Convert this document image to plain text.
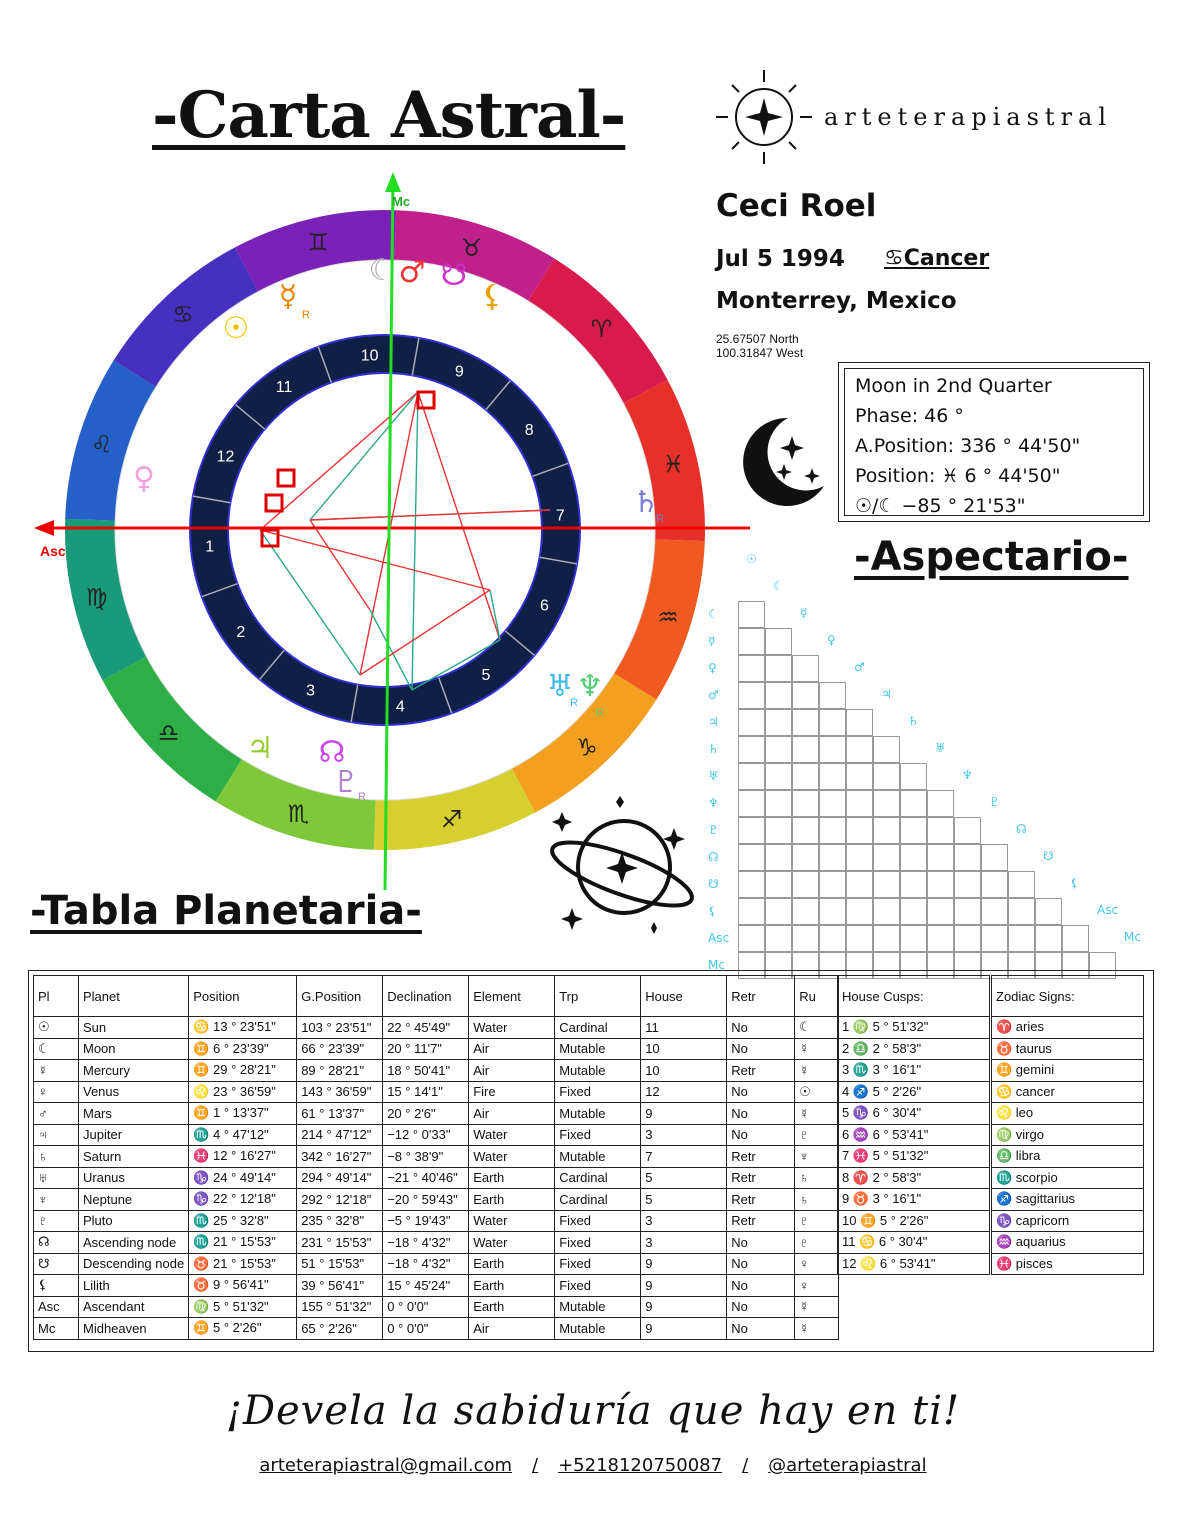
-Carta Astral-	arteterapiastral
Ceci Roel
Jul 5 1994 ♋Cancer
Monterrey, Mexico
25.67507 North
100.31847 West
Moon in 2nd Quarter
Phase: 46 °
A.Position: 336 ° 44'50"
Position: ♓ 6 ° 44'50"
☉/☾ −85 ° 21'53"
Asc
Mc
10
9
8
7
6
5
4
3
2
1
12
11
♊	♉
♈
♓
♒
♑
♐
♏
♎
♍
♌
♋
☾ ♂ ☋
⚸
☿
☉
♀
♄
♅ ♆
♃ ☊
♇
R
R
R
R
R
-Aspectario-
☾
☿
♀
♂
♃
♄
♅
♆
♇
☊
☋
⚸
Asc
Mc
☉
☾
☿
♀
♂
♃
♄
♅
♆
♇
☊
☋
⚸
Asc
Mc
-Tabla Planetaria-
Pl	Planet	Position	G.Position	Declination	Element	Trp	House	Retr	Ru
☉	Sun	♋ 13 ° 23'51"	103 ° 23'51"	22 ° 45'49"	Water	Cardinal	11	No	☾
☾	Moon	♊ 6 ° 23'39"	66 ° 23'39"	20 ° 11'7"	Air	Mutable	10	No	☿
☿	Mercury	♊ 29 ° 28'21"	89 ° 28'21"	18 ° 50'41"	Air	Mutable	10	Retr	☿
♀	Venus	♌ 23 ° 36'59"	143 ° 36'59"	15 ° 14'1"	Fire	Fixed	12	No	☉
♂	Mars	♊ 1 ° 13'37"	61 ° 13'37"	20 ° 2'6"	Air	Mutable	9	No	☿
♃	Jupiter	♏ 4 ° 47'12"	214 ° 47'12"	−12 ° 0'33"	Water	Fixed	3	No	♇
♄	Saturn	♓ 12 ° 16'27"	342 ° 16'27"	−8 ° 38'9"	Water	Mutable	7	Retr	♆
♅	Uranus	♑ 24 ° 49'14"	294 ° 49'14"	−21 ° 40'46"	Earth	Cardinal	5	Retr	♄
♆	Neptune	♑ 22 ° 12'18"	292 ° 12'18"	−20 ° 59'43"	Earth	Cardinal	5	Retr	♄
♇	Pluto	♏ 25 ° 32'8"	235 ° 32'8"	−5 ° 19'43"	Water	Fixed	3	Retr	♇
☊	Ascending node	♏ 21 ° 15'53"	231 ° 15'53"	−18 ° 4'32"	Water	Fixed	3	No	♇
☋	Descending node	♉ 21 ° 15'53"	51 ° 15'53"	−18 ° 4'32"	Earth	Fixed	9	No	♀
⚸	Lilith	♉ 9 ° 56'41"	39 ° 56'41"	15 ° 45'24"	Earth	Fixed	9	No	♀
Asc	Ascendant	♍ 5 ° 51'32"	155 ° 51'32"	0 ° 0'0"	Earth	Mutable	9	No	☿
Mc	Midheaven	♊ 5 ° 2'26"	65 ° 2'26"	0 ° 0'0"	Air	Mutable	9	No	☿
House Cusps:
1 ♍ 5 ° 51'32"
2 ♎ 2 ° 58'3"
3 ♏ 3 ° 16'1"
4 ♐ 5 ° 2'26"
5 ♑ 6 ° 30'4"
6 ♒ 6 ° 53'41"
7 ♓ 5 ° 51'32"
8 ♈ 2 ° 58'3"
9 ♉ 3 ° 16'1"
10 ♊ 5 ° 2'26"
11 ♋ 6 ° 30'4"
12 ♌ 6 ° 53'41"
Zodiac Signs:
♈ aries
♉ taurus
♊ gemini
♋ cancer
♌ leo
♍ virgo
♎ libra
♏ scorpio
♐ sagittarius
♑ capricorn
♒ aquarius
♓ pisces
¡Devela la sabiduría que hay en ti!
arteterapiastral@gmail.com / +5218120750087 / @arteterapiastral
